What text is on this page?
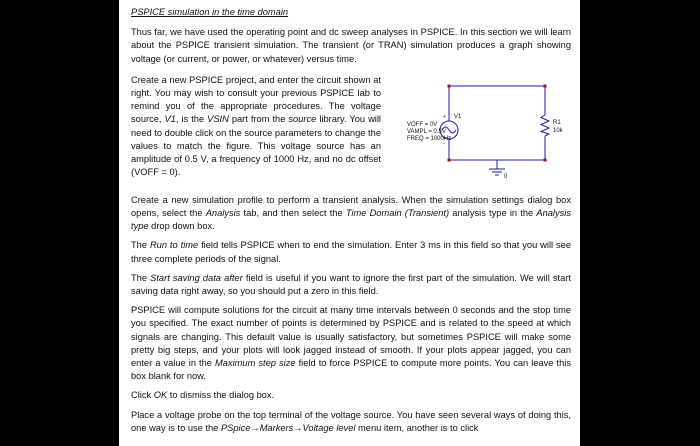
PSPICE simulation in the time domain

Thus far, we have used the operating point and dc sweep analyses in PSPICE. In this section we will learn about the PSPICE transient simulation. The transient (or TRAN) simulation produces a graph showing voltage (or current, or power, or whatever) versus time.

+
-
V1
VOFF = 0V
VAMPL = 0.5V
FREQ = 1000Hz
R1
10k
0
Create a new PSPICE project, and enter the circuit shown at right. You may wish to consult your previous PSPICE lab to remind you of the appropriate procedures. The voltage source, V1, is the VSIN part from the source library. You will need to double click on the source parameters to change the values to match the figure. This voltage source has an amplitude of 0.5 V, a frequency of 1000 Hz, and no dc offset (VOFF = 0).

Create a new simulation profile to perform a transient analysis. When the simulation settings dialog box opens, select the Analysis tab, and then select the Time Domain (Transient) analysis type in the Analysis type drop down box.

The Run to time field tells PSPICE when to end the simulation. Enter 3 ms in this field so that you will see three complete periods of the signal.

The Start saving data after field is useful if you want to ignore the first part of the simulation. We will start saving data right away, so you should put a zero in this field.

PSPICE will compute solutions for the circuit at many time intervals between 0 seconds and the stop time you specified. The exact number of points is determined by PSPICE and is related to the speed at which signals are changing. This default value is usually satisfactory, but sometimes PSPICE will make some pretty big steps, and your plots will look jagged instead of smooth. If your plots appear jagged, you can enter a value in the Maximum step size field to force PSPICE to compute more points. You can leave this box blank for now.

Click OK to dismiss the dialog box.

Place a voltage probe on the top terminal of the voltage source. You have seen several ways of doing this, one way is to use the PSpice→Markers→Voltage level menu item, another is to click
